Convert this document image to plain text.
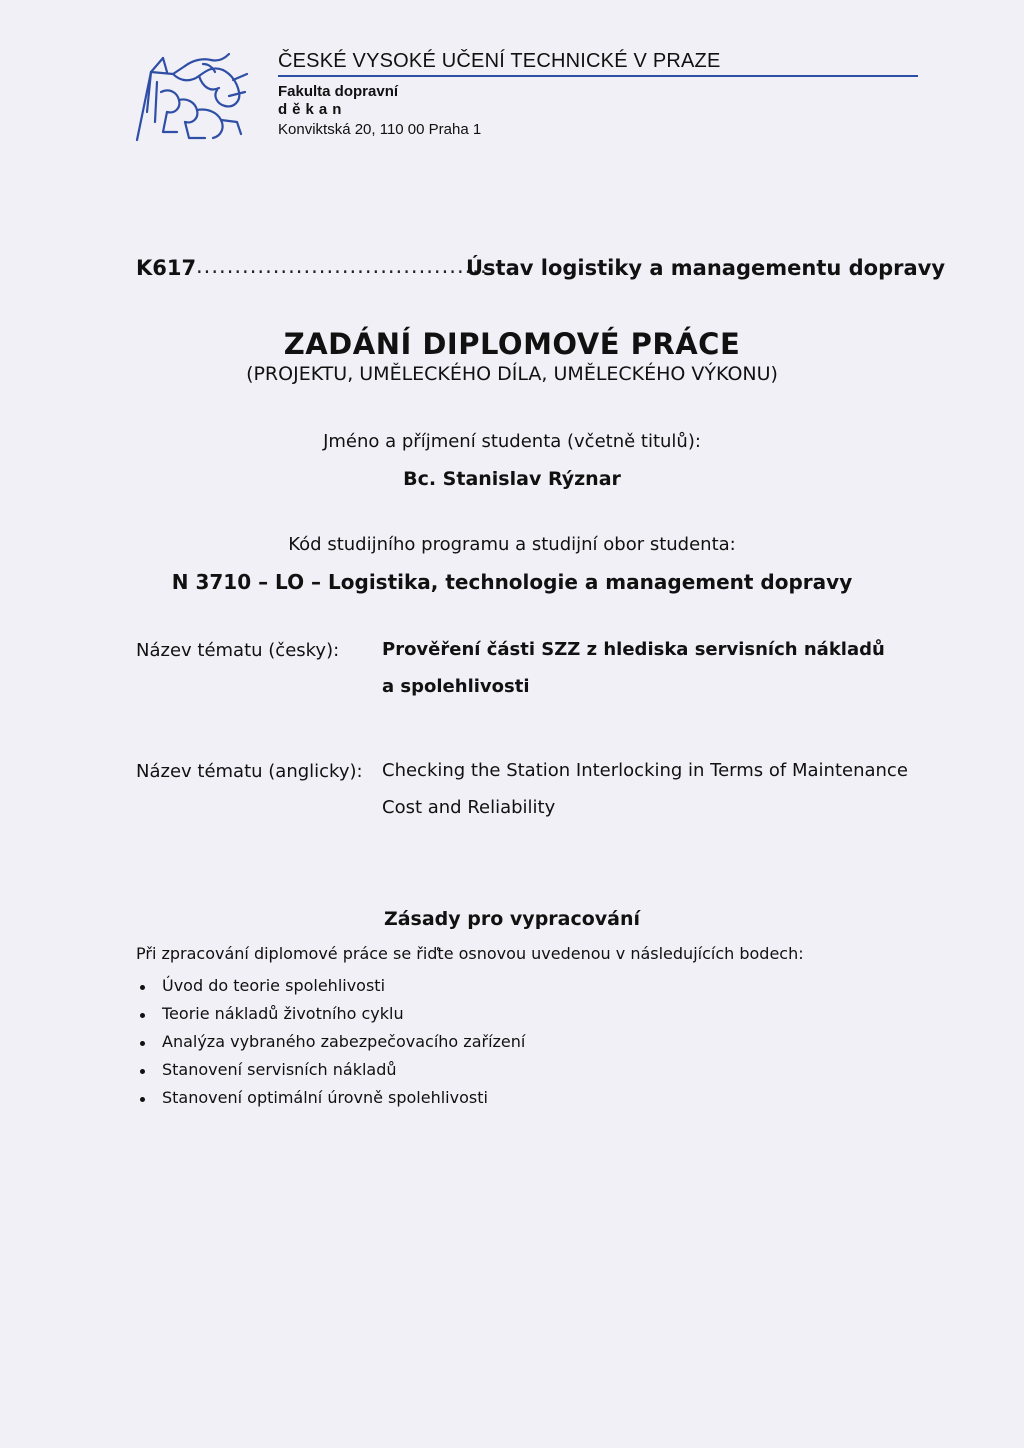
ČESKÉ VYSOKÉ UČENÍ TECHNICKÉ V PRAZE
Fakulta dopravní
děkan
Konviktská 20, 110 00 Praha 1
K617 ......................................
Ústav logistiky a managementu dopravy
ZADÁNÍ DIPLOMOVÉ PRÁCE
(PROJEKTU, UMĚLECKÉHO DÍLA, UMĚLECKÉHO VÝKONU)
Jméno a příjmení studenta (včetně titulů):
Bc. Stanislav Rýznar
Kód studijního programu a studijní obor studenta:
N 3710 – LO – Logistika, technologie a management dopravy
Název tématu (česky): Prověření části SZZ z hlediska servisních nákladů
a spolehlivosti
Název tématu (anglicky): Checking the Station Interlocking in Terms of Maintenance
Cost and Reliability
Zásady pro vypracování
Při zpracování diplomové práce se řiďte osnovou uvedenou v následujících bodech:
Úvod do teorie spolehlivosti
Teorie nákladů životního cyklu
Analýza vybraného zabezpečovacího zařízení
Stanovení servisních nákladů
Stanovení optimální úrovně spolehlivosti
